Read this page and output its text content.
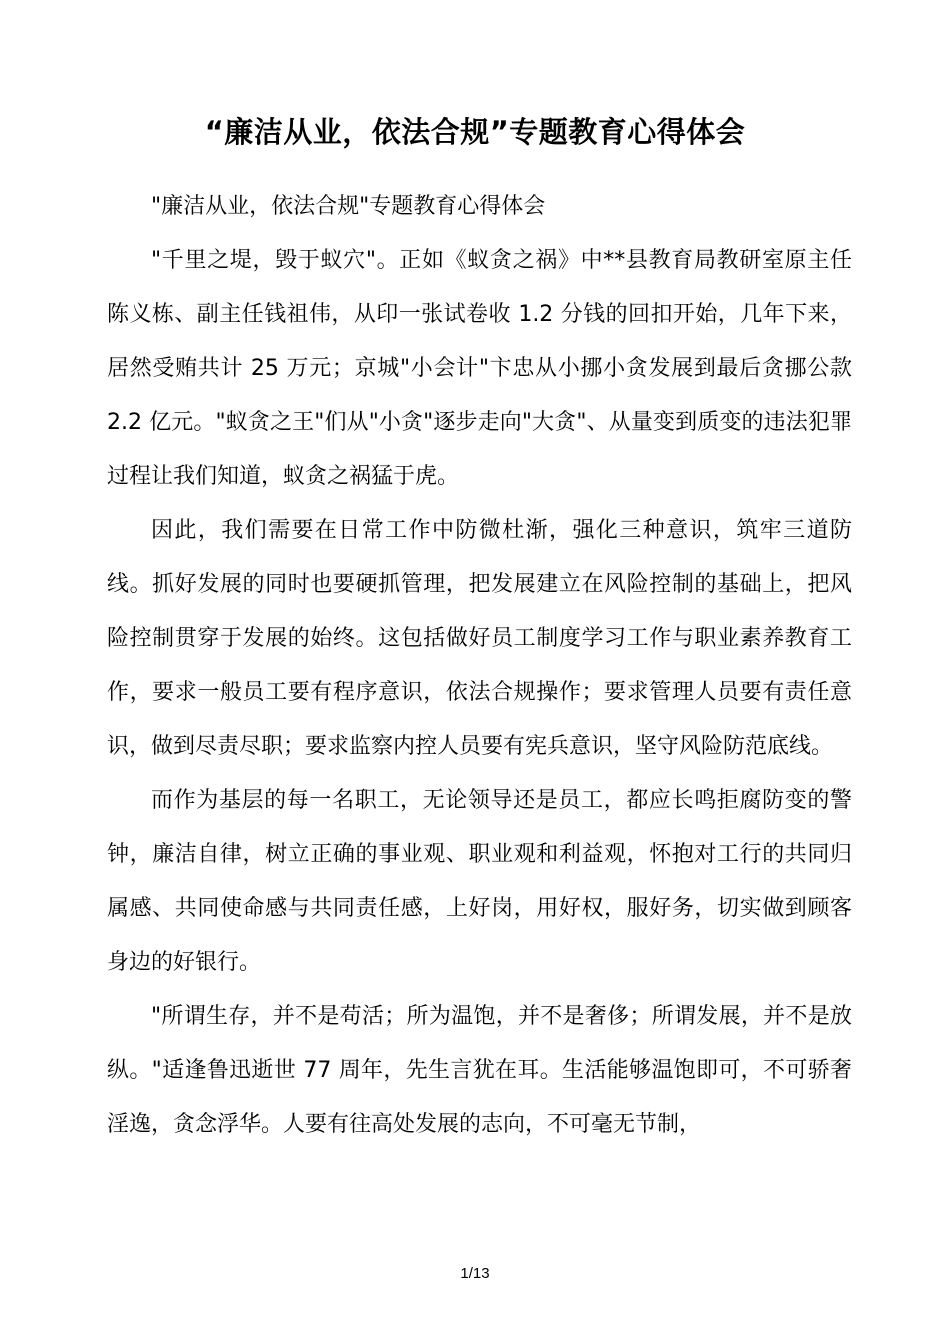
“廉洁从业，依法合规”专题教育心得体会

"廉洁从业，依法合规"专题教育心得体会

"千里之堤，毁于蚁穴"。正如《蚁贪之祸》中**县教育局教研室原主任陈义栋、副主任钱祖伟，从印一张试卷收 1.2 分钱的回扣开始，几年下来，居然受贿共计 25 万元；京城"小会计"卞忠从小挪小贪发展到最后贪挪公款 2.2 亿元。"蚁贪之王"们从"小贪"逐步走向"大贪"、从量变到质变的违法犯罪过程让我们知道，蚁贪之祸猛于虎。

因此，我们需要在日常工作中防微杜渐，强化三种意识，筑牢三道防线。抓好发展的同时也要硬抓管理，把发展建立在风险控制的基础上，把风险控制贯穿于发展的始终。这包括做好员工制度学习工作与职业素养教育工作，要求一般员工要有程序意识，依法合规操作；要求管理人员要有责任意识，做到尽责尽职；要求监察内控人员要有宪兵意识，坚守风险防范底线。

而作为基层的每一名职工，无论领导还是员工，都应长鸣拒腐防变的警钟，廉洁自律，树立正确的事业观、职业观和利益观，怀抱对工行的共同归属感、共同使命感与共同责任感，上好岗，用好权，服好务，切实做到顾客身边的好银行。

"所谓生存，并不是苟活；所为温饱，并不是奢侈；所谓发展，并不是放纵。"适逢鲁迅逝世 77 周年，先生言犹在耳。生活能够温饱即可，不可骄奢淫逸，贪念浮华。人要有往高处发展的志向，不可毫无节制，

1/13
